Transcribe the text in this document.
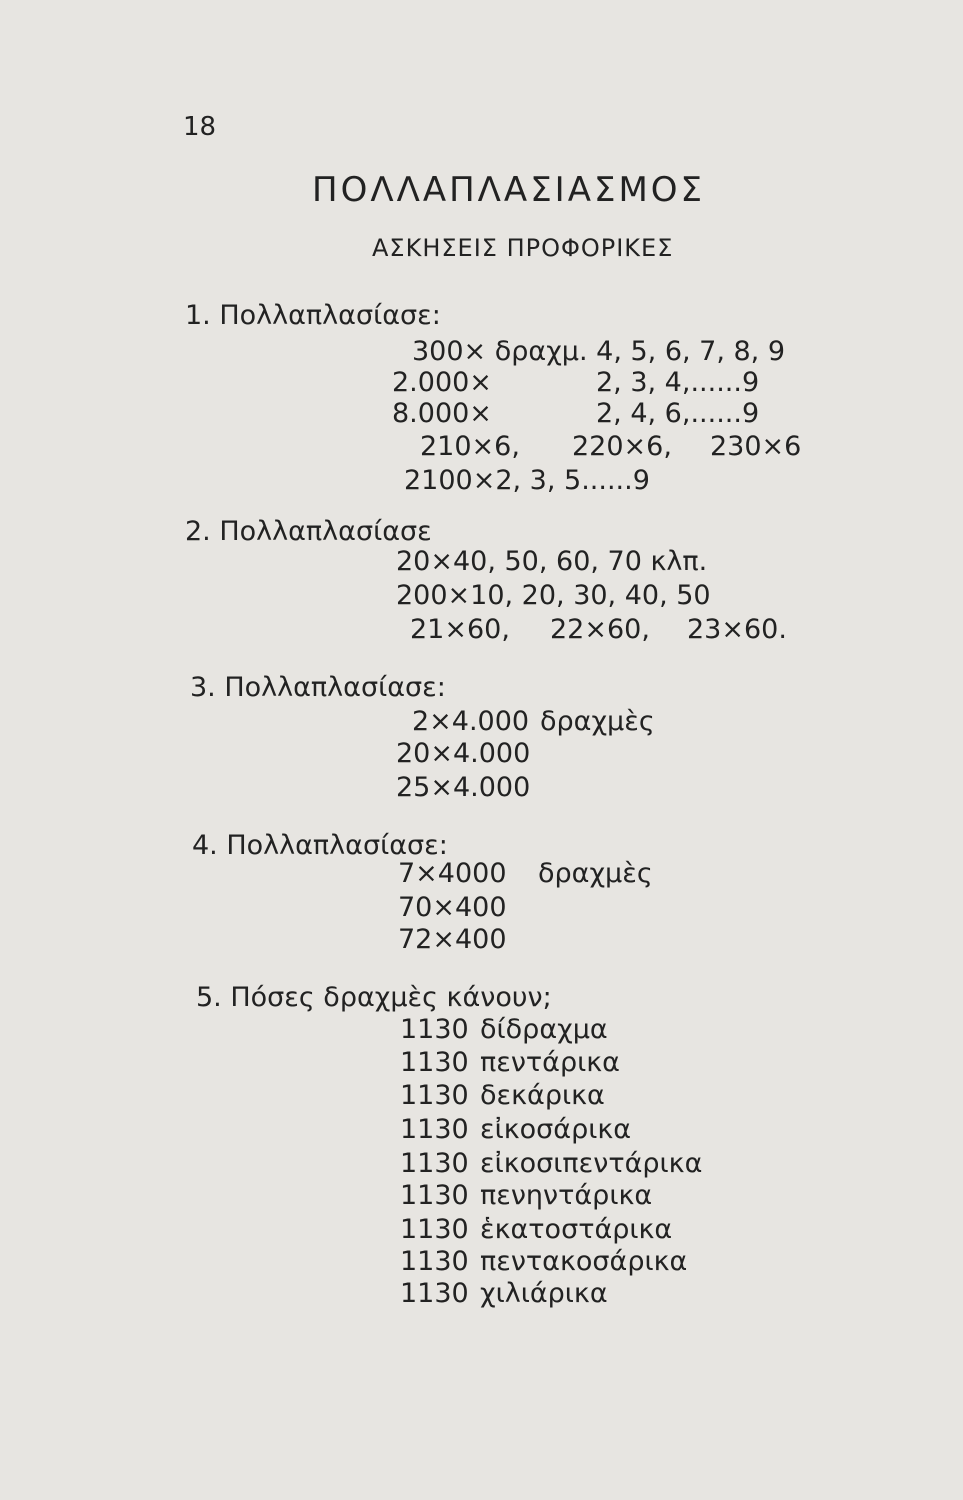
18
ΠΟΛΛΑΠΛΑΣΙΑΣΜΟΣ
ΑΣΚΗΣΕΙΣ ΠΡΟΦΟΡΙΚΕΣ
1. Πολλαπλασίασε:
300× δραχμ. 4, 5, 6, 7, 8, 9
2.000×	2, 3, 4,......9
8.000×	2, 4, 6,......9
210×6, 220×6, 230×6
2100×2, 3, 5......9
2. Πολλαπλασίασε
20×40, 50, 60, 70 κλπ.
200×10, 20, 30, 40, 50
21×60, 22×60, 23×60.
3. Πολλαπλασίασε:
2×4.000 δραχμὲς
20×4.000
25×4.000
4. Πολλαπλασίασε:
7×4000 δραχμὲς
70×400
72×400
5. Πόσες δραχμὲς κάνουν;
1130 δίδραχμα
1130 πεντάρικα
1130 δεκάρικα
1130 εἰκοσάρικα
1130 εἰκοσιπεντάρικα
1130 πενηντάρικα
1130 ἑκατοστάρικα
1130 πεντακοσάρικα
1130 χιλιάρικα
